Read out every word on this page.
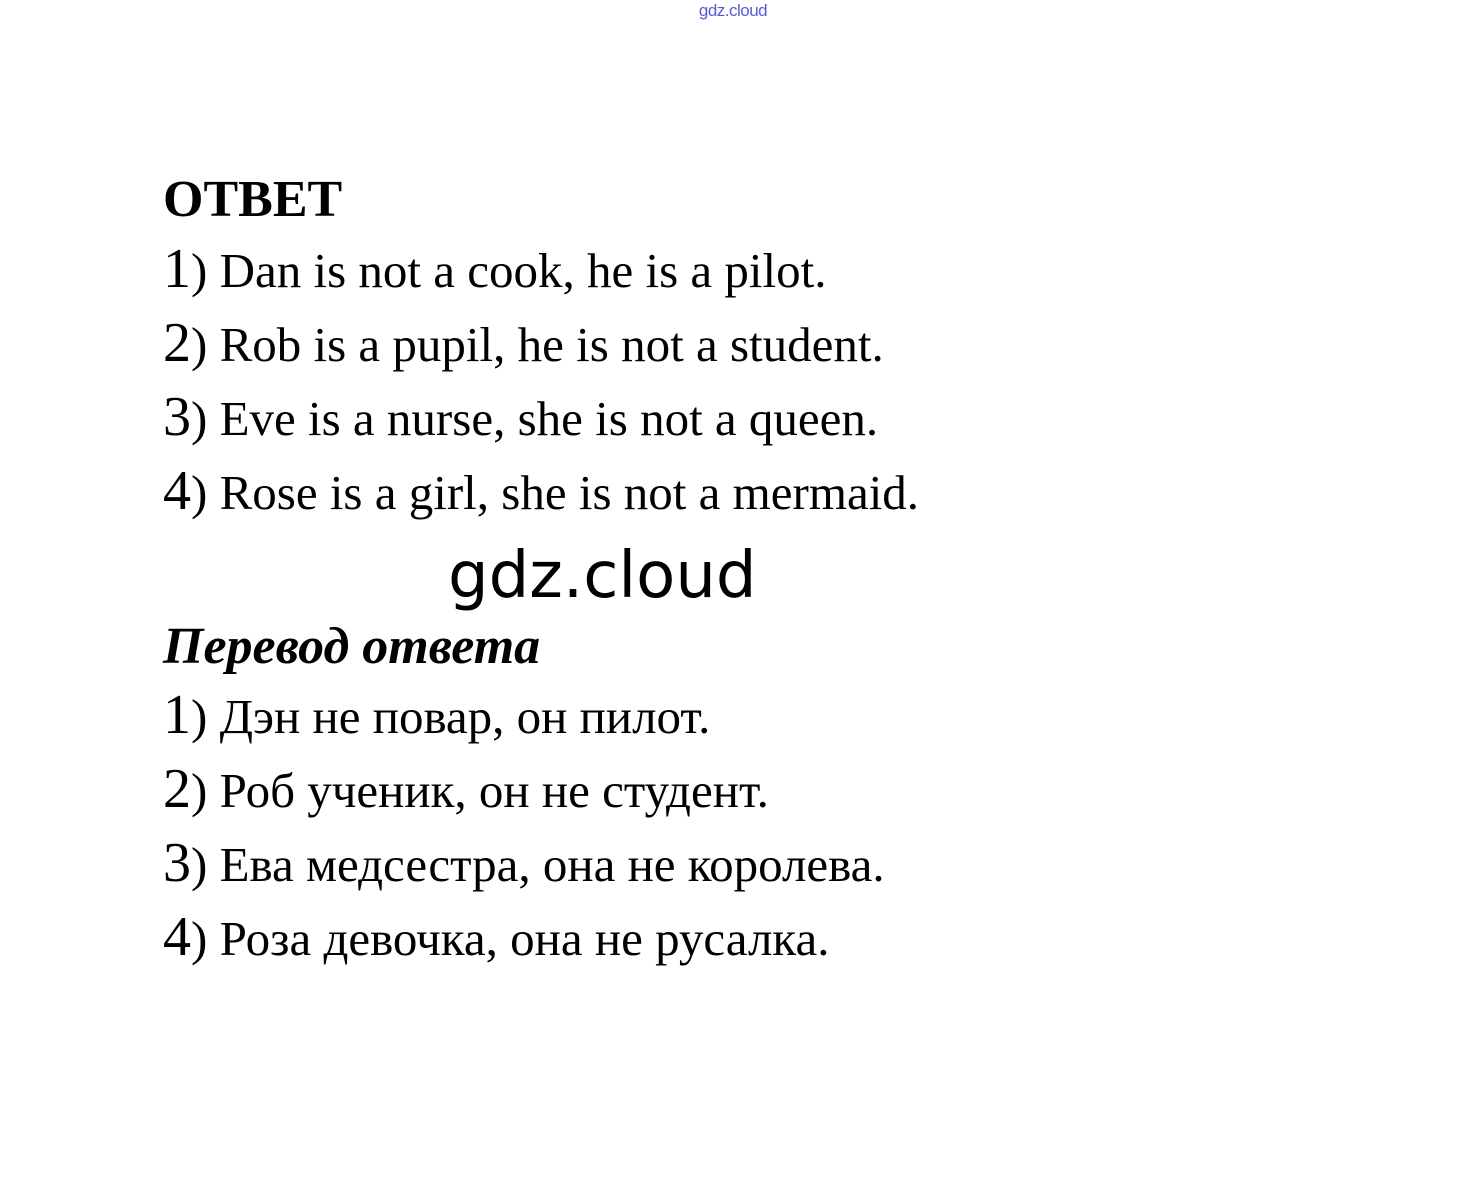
gdz.cloud
ОТВЕТ
1) Dan is not a cook, he is a pilot.
2) Rob is a pupil, he is not a student.
3) Eve is a nurse, she is not a queen.
4) Rose is a girl, she is not a mermaid.
gdz.cloud
Перевод ответа
1) Дэн не повар, он пилот.
2) Роб ученик, он не студент.
3) Ева медсестра, она не королева.
4) Роза девочка, она не русалка.
